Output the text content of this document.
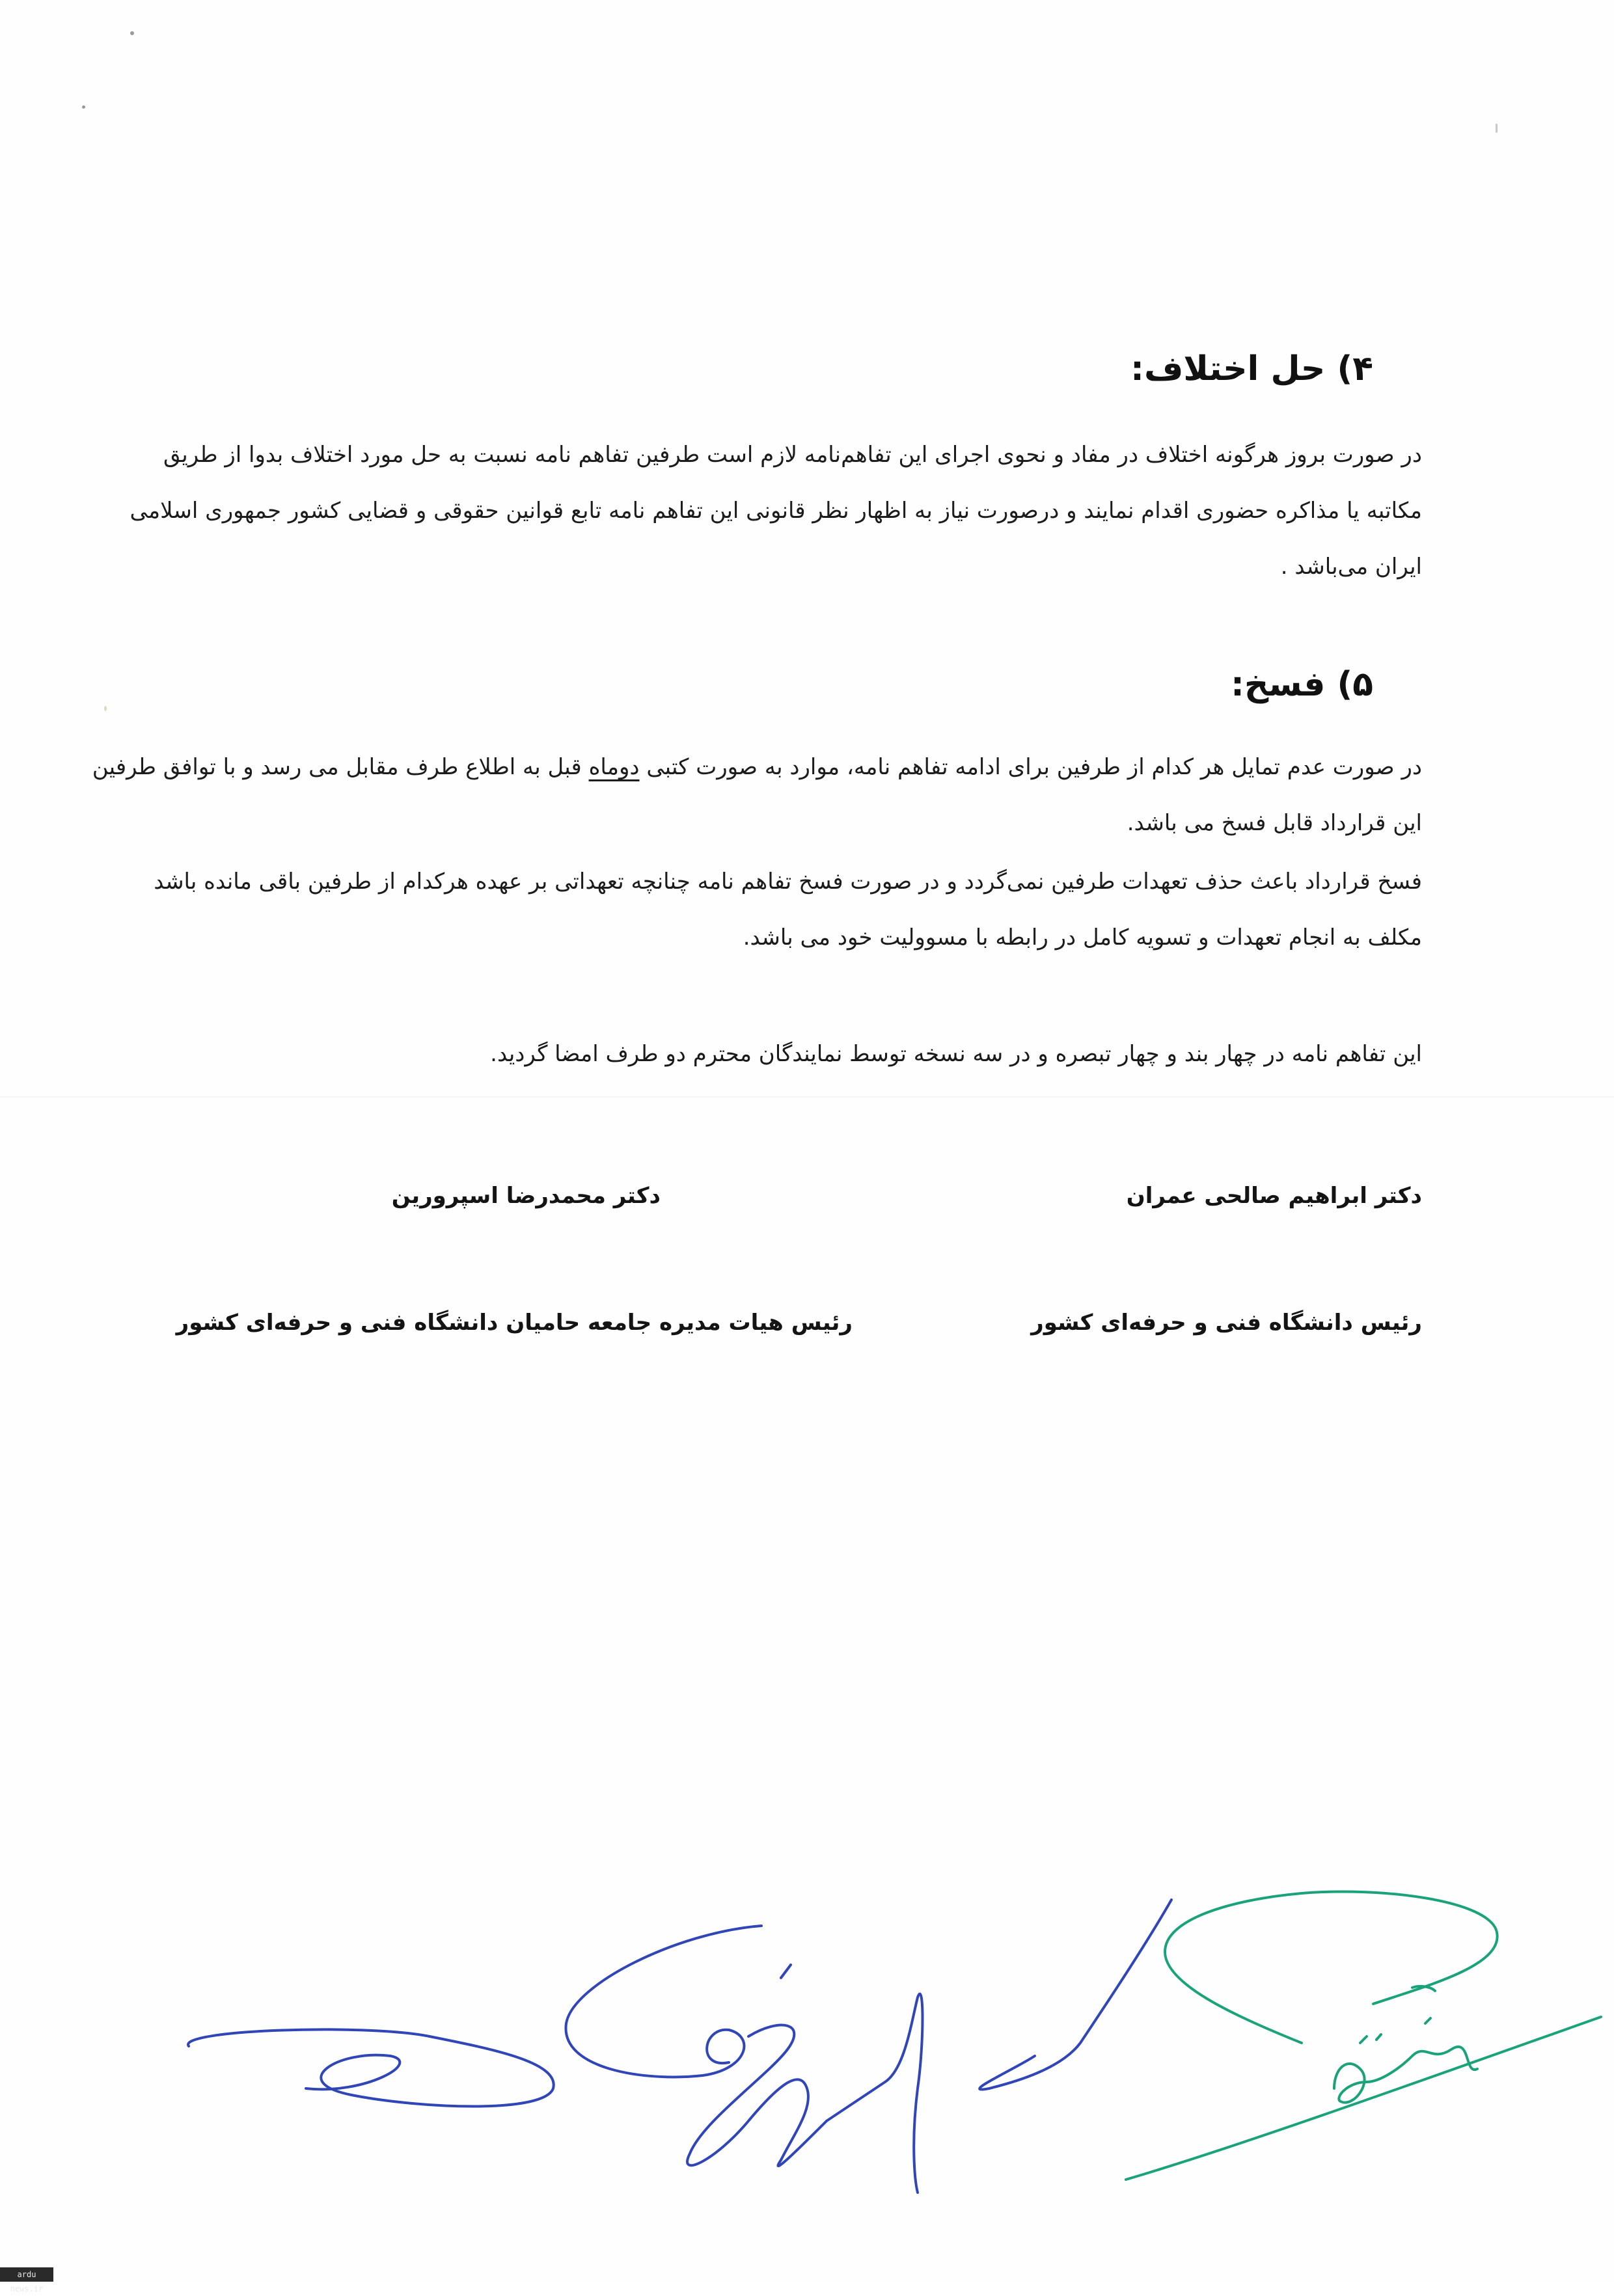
۴) حل اختلاف:
در صورت بروز هرگونه اختلاف در مفاد و نحوی اجرای این تفاهم‌نامه لازم است طرفین تفاهم نامه نسبت به حل مورد اختلاف بدوا از طریق
مکاتبه یا مذاکره حضوری اقدام نمایند و درصورت نیاز به اظهار نظر قانونی این تفاهم نامه تابع قوانین حقوقی و قضایی کشور جمهوری اسلامی
ایران می‌باشد .
۵) فسخ:
در صورت عدم تمایل هر کدام از طرفین برای ادامه تفاهم نامه، موارد به صورت کتبی دوماه قبل به اطلاع طرف مقابل می رسد و با توافق طرفین
این قرارداد قابل فسخ می باشد.
فسخ قرارداد باعث حذف تعهدات طرفین نمی‌گردد و در صورت فسخ تفاهم نامه چنانچه تعهداتی بر عهده هرکدام از طرفین باقی مانده باشد
مکلف به انجام تعهدات و تسویه کامل در رابطه با مسوولیت خود می باشد.
این تفاهم نامه در چهار بند و چهار تبصره و در سه نسخه توسط نمایندگان محترم دو طرف امضا گردید.
دکتر ابراهیم صالحی عمران
دکتر محمدرضا اسپرورین
رئیس دانشگاه فنی و حرفه‌ای کشور
رئیس هیات مدیره جامعه حامیان دانشگاه فنی و حرفه‌ای کشور
ardu news.ir
